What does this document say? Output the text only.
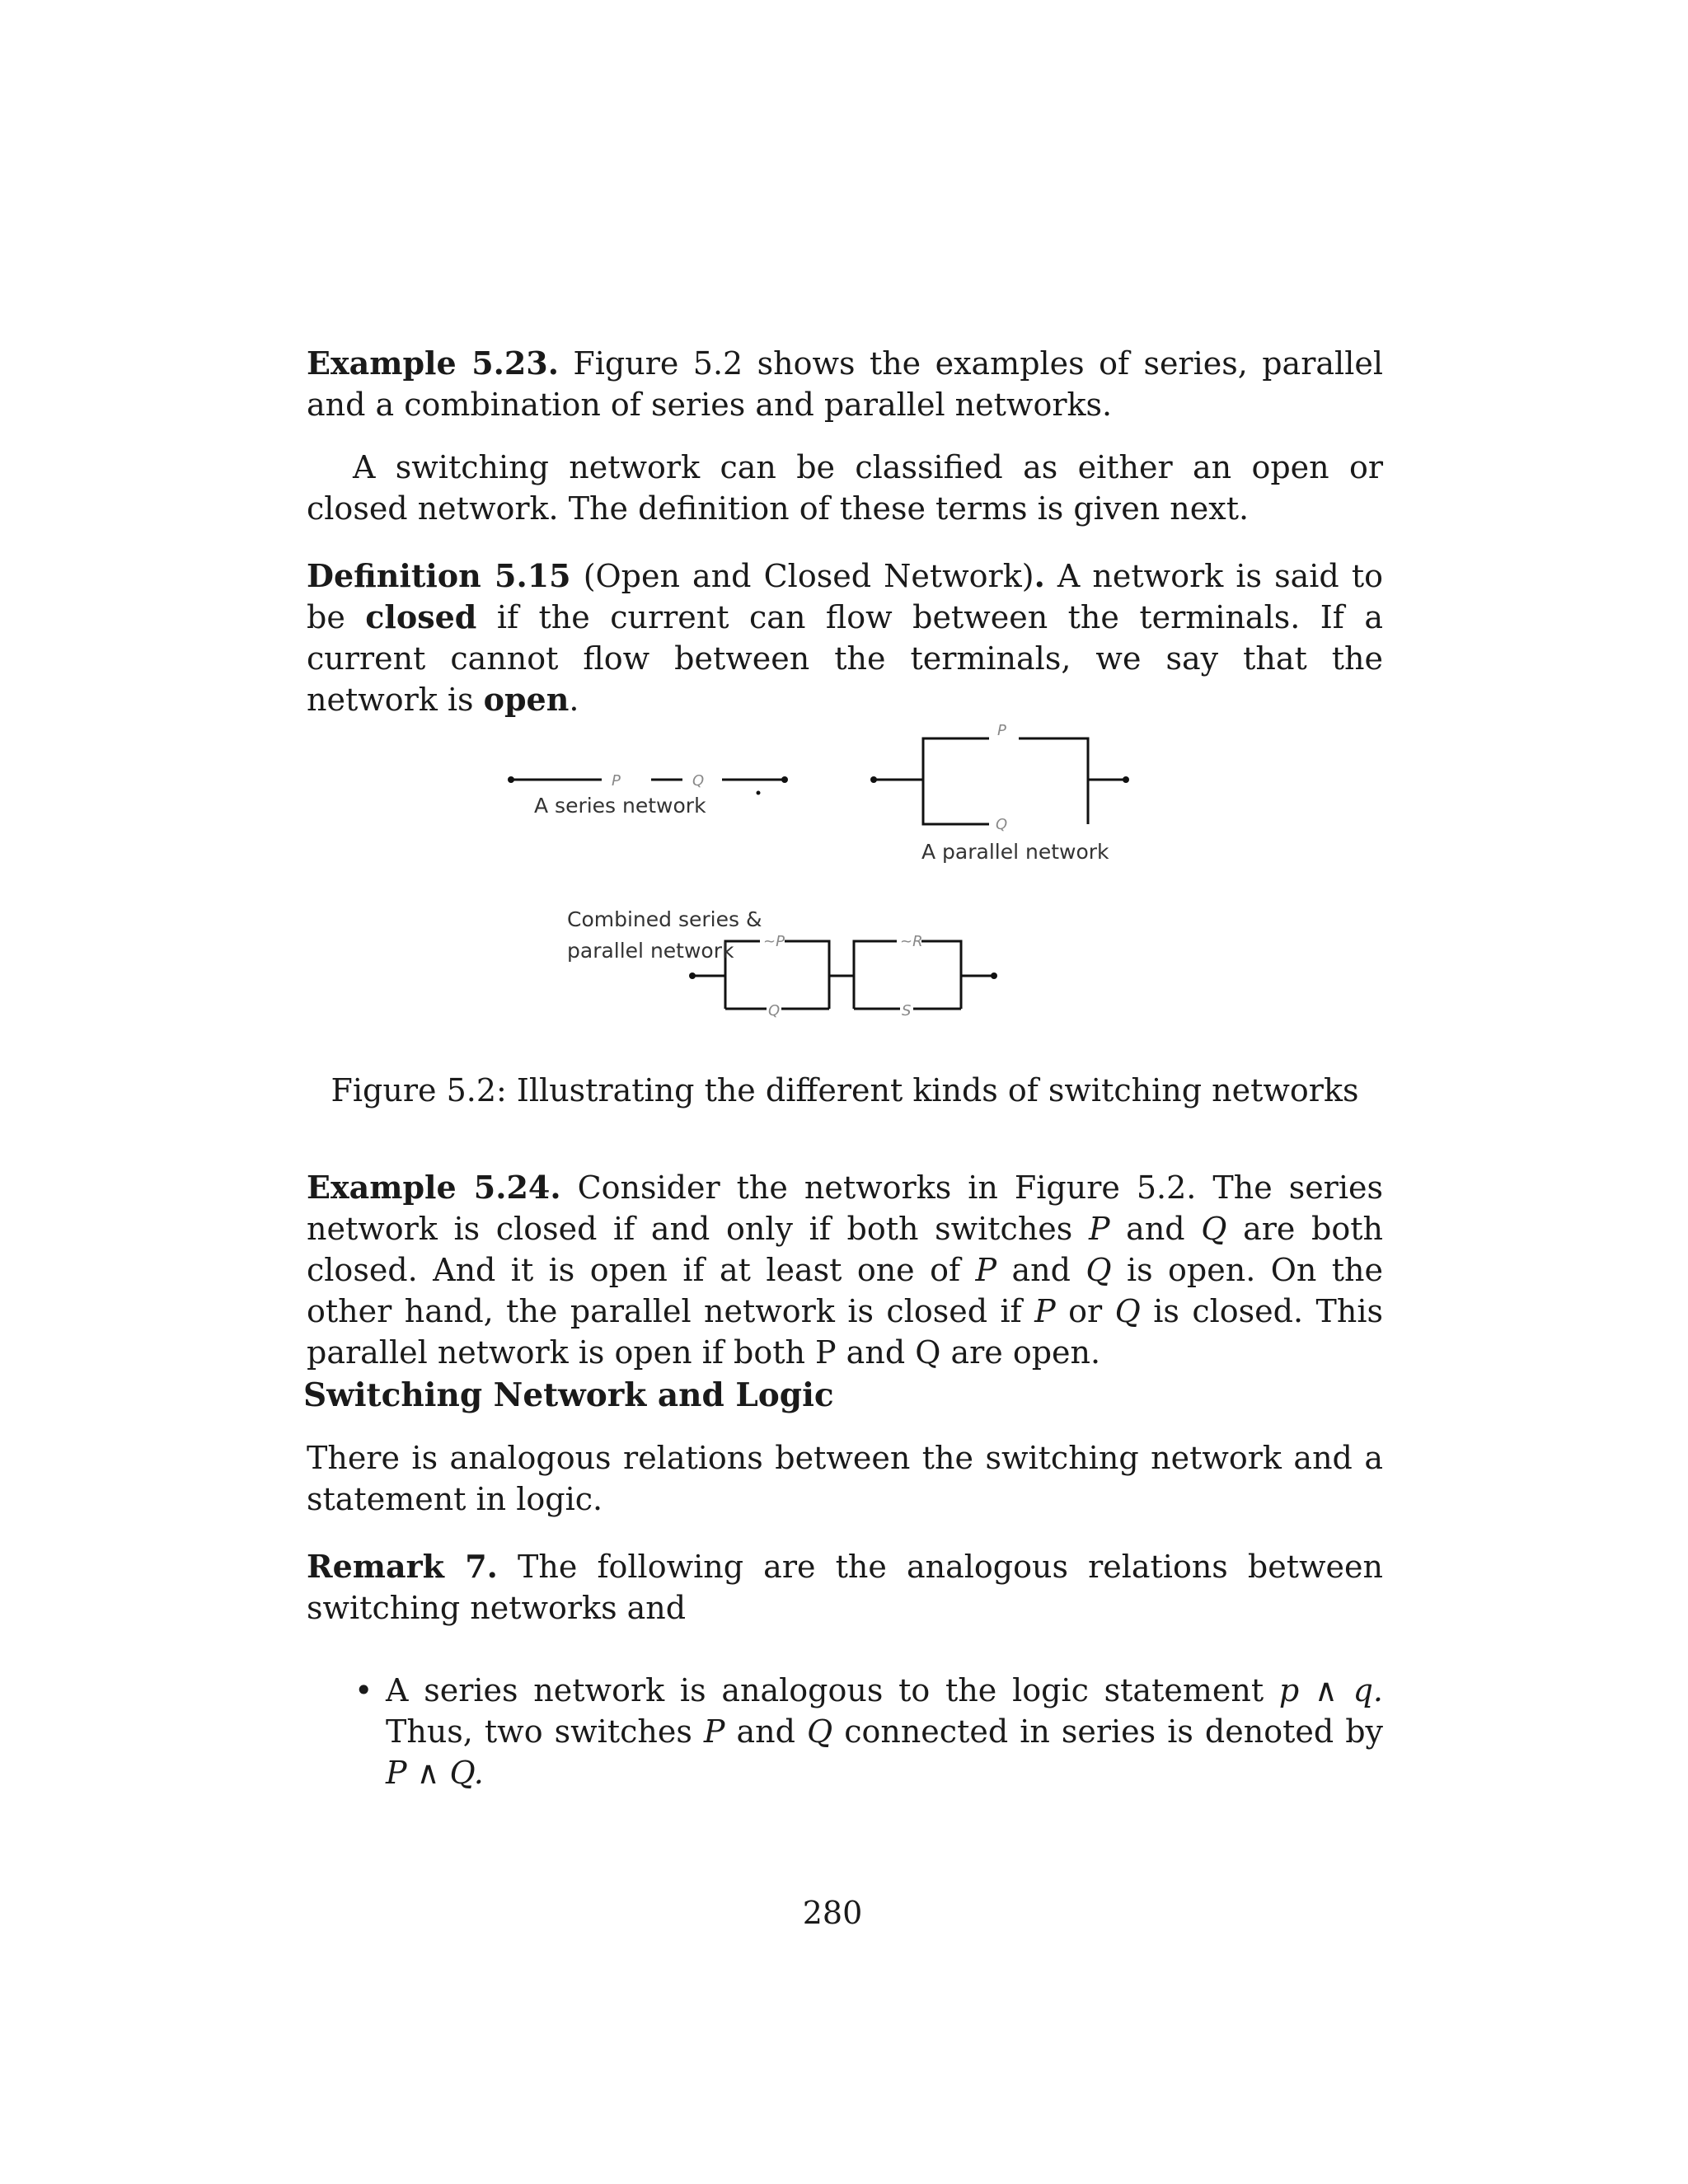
Example 5.23. Figure 5.2 shows the examples of series, parallel and a combination of series and parallel networks.
A switching network can be classified as either an open or closed network. The definition of these terms is given next.
Definition 5.15 (Open and Closed Network). A network is said to be closed if the current can flow between the terminals. If a current cannot flow between the terminals, we say that the network is open.
P	Q
P
Q
~P
Q
~R
S
A series network
A parallel network
Combined series &
parallel network
Figure 5.2: Illustrating the different kinds of switching networks
Example 5.24. Consider the networks in Figure 5.2. The series network is closed if and only if both switches P and Q are both closed. And it is open if at least one of P and Q is open. On the other hand, the parallel network is closed if P or Q is closed. This parallel network is open if both P and Q are open.
Switching Network and Logic
There is analogous relations between the switching network and a statement in logic.
Remark 7. The following are the analogous relations between switching networks and
• A series network is analogous to the logic statement p ∧ q. Thus, two switches P and Q connected in series is denoted by P ∧ Q.
280
